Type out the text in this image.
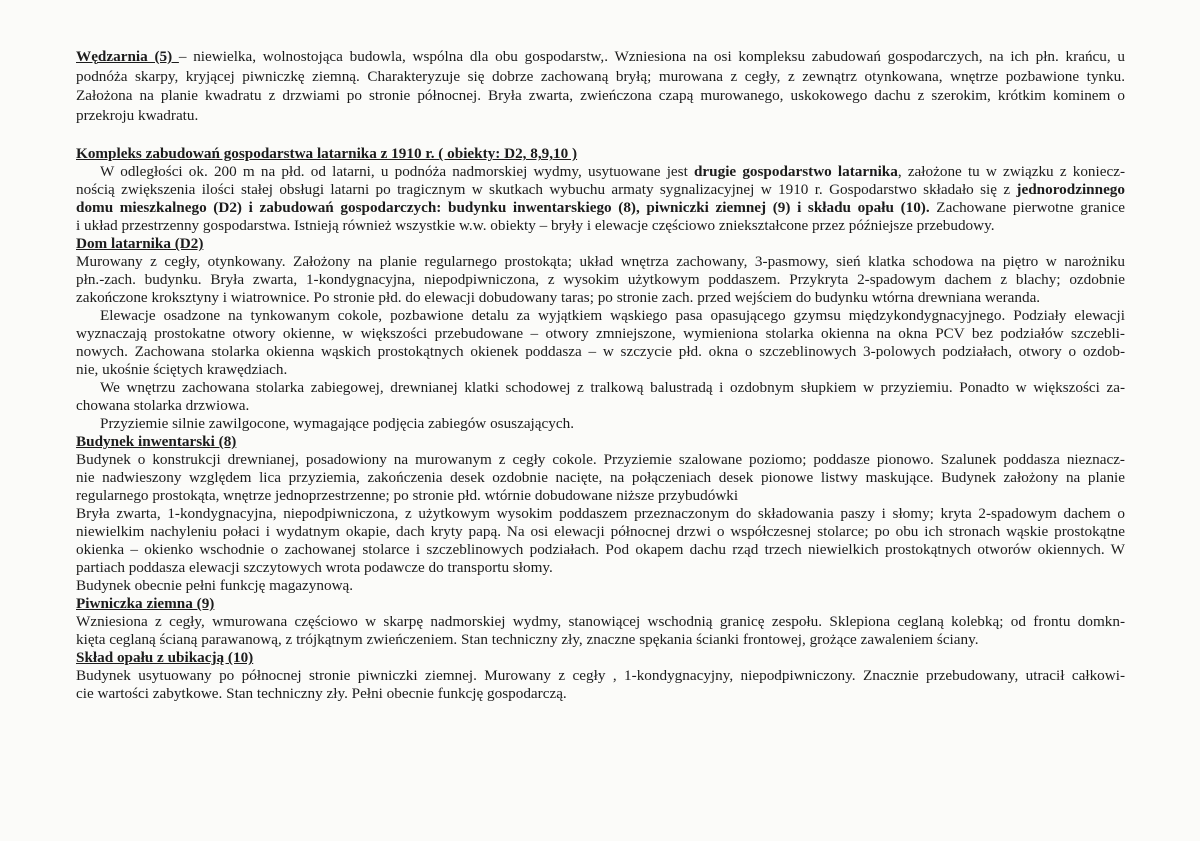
Wędzarnia (5) – niewielka, wolnostojąca budowla, wspólna dla obu gospodarstw,. Wzniesiona na osi kompleksu zabudowań gospodarczych, na ich płn. krańcu, u
podnóża skarpy, kryjącej piwniczkę ziemną. Charakteryzuje się dobrze zachowaną bryłą; murowana z cegły, z zewnątrz otynkowana, wnętrze pozbawione tynku.
Założona na planie kwadratu z drzwiami po stronie północnej. Bryła zwarta, zwieńczona czapą murowanego, uskokowego dachu z szerokim, krótkim kominem o
przekroju kwadratu.
Kompleks zabudowań gospodarstwa latarnika z 1910 r. ( obiekty: D2, 8,9,10 )
W odległości ok. 200 m na płd. od latarni, u podnóża nadmorskiej wydmy, usytuowane jest drugie gospodarstwo latarnika, założone tu w związku z koniecz-
nością zwiększenia ilości stałej obsługi latarni po tragicznym w skutkach wybuchu armaty sygnalizacyjnej w 1910 r. Gospodarstwo składało się z jednorodzinnego
domu mieszkalnego (D2) i zabudowań gospodarczych: budynku inwentarskiego (8), piwniczki ziemnej (9) i składu opału (10). Zachowane pierwotne granice
i układ przestrzenny gospodarstwa. Istnieją również wszystkie w.w. obiekty – bryły i elewacje częściowo zniekształcone przez późniejsze przebudowy.
Dom latarnika (D2)
Murowany z cegły, otynkowany. Założony na planie regularnego prostokąta; układ wnętrza zachowany, 3-pasmowy, sień klatka schodowa na piętro w narożniku
płn.-zach. budynku. Bryła zwarta, 1-kondygnacyjna, niepodpiwniczona, z wysokim użytkowym poddaszem. Przykryta 2-spadowym dachem z blachy; ozdobnie
zakończone kroksztyny i wiatrownice. Po stronie płd. do elewacji dobudowany taras; po stronie zach. przed wejściem do budynku wtórna drewniana weranda.
Elewacje osadzone na tynkowanym cokole, pozbawione detalu za wyjątkiem wąskiego pasa opasującego gzymsu międzykondygnacyjnego. Podziały elewacji
wyznaczają prostokatne otwory okienne, w większości przebudowane – otwory zmniejszone, wymieniona stolarka okienna na okna PCV bez podziałów szczebli-
nowych. Zachowana stolarka okienna wąskich prostokątnych okienek poddasza – w szczycie płd. okna o szczeblinowych 3-polowych podziałach, otwory o ozdob-
nie, ukośnie ściętych krawędziach.
We wnętrzu zachowana stolarka zabiegowej, drewnianej klatki schodowej z tralkową balustradą i ozdobnym słupkiem w przyziemiu. Ponadto w większości za-
chowana stolarka drzwiowa.
Przyziemie silnie zawilgocone, wymagające podjęcia zabiegów osuszających.
Budynek inwentarski (8)
Budynek o konstrukcji drewnianej, posadowiony na murowanym z cegły cokole. Przyziemie szalowane poziomo; poddasze pionowo. Szalunek poddasza nieznacz-
nie nadwieszony względem lica przyziemia, zakończenia desek ozdobnie nacięte, na połączeniach desek pionowe listwy maskujące. Budynek założony na planie
regularnego prostokąta, wnętrze jednoprzestrzenne; po stronie płd. wtórnie dobudowane niższe przybudówki
Bryła zwarta, 1-kondygnacyjna, niepodpiwniczona, z użytkowym wysokim poddaszem przeznaczonym do składowania paszy i słomy; kryta 2-spadowym dachem o
niewielkim nachyleniu połaci i wydatnym okapie, dach kryty papą. Na osi elewacji północnej drzwi o współczesnej stolarce; po obu ich stronach wąskie prostokątne
okienka – okienko wschodnie o zachowanej stolarce i szczeblinowych podziałach. Pod okapem dachu rząd trzech niewielkich prostokątnych otworów okiennych. W
partiach poddasza elewacji szczytowych wrota podawcze do transportu słomy.
Budynek obecnie pełni funkcję magazynową.
Piwniczka ziemna (9)
Wzniesiona z cegły, wmurowana częściowo w skarpę nadmorskiej wydmy, stanowiącej wschodnią granicę zespołu. Sklepiona ceglaną kolebką; od frontu domkn-
kięta ceglaną ścianą parawanową, z trójkątnym zwieńczeniem. Stan techniczny zły, znaczne spękania ścianki frontowej, grożące zawaleniem ściany.
Skład opału z ubikacją (10)
Budynek usytuowany po północnej stronie piwniczki ziemnej. Murowany z cegły , 1-kondygnacyjny, niepodpiwniczony. Znacznie przebudowany, utracił całkowi-
cie wartości zabytkowe. Stan techniczny zły. Pełni obecnie funkcję gospodarczą.
